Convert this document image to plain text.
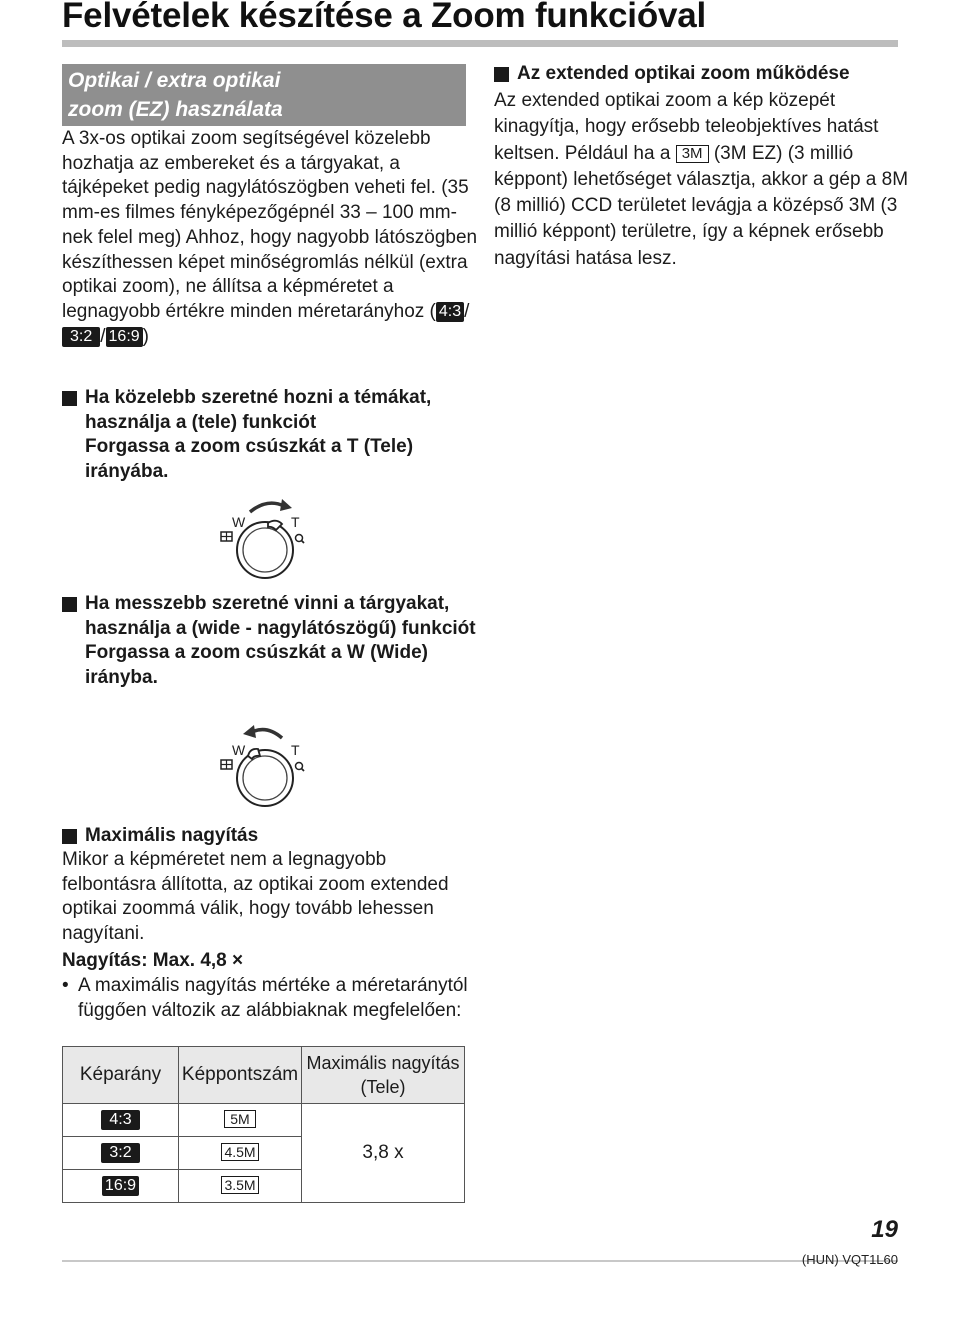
Felvételek készítése a Zoom funkcióval
Optikai / extra optikai
zoom (EZ) használata

A 3x-os optikai zoom segítségével közelebb hozhatja az embereket és a tárgyakat, a tájképeket pedig nagylátószögben veheti fel. (35 mm-es filmes fényképezőgépnél 33 – 100 mm-nek felel meg) Ahhoz, hogy nagyobb látószögben készíthessen képet minőségromlás nélkül (extra optikai zoom), ne állítsa a képméretet a legnagyobb értékre minden méretarányhoz ( 4:3 /3:2 / 16:9 )

Ha közelebb szeretné hozni a témákat, használja a (tele) funkciót
Forgassa a zoom csúszkát a T (Tele) irányába.
W	T
Ha messzebb szeretné vinni a tárgyakat, használja a (wide - nagylátószögű) funkciót
Forgassa a zoom csúszkát a W (Wide) irányba.
W	T
Maximális nagyítás

Mikor a képméretet nem a legnagyobb felbontásra állította, az optikai zoom extended optikai zoommá válik, hogy tovább lehessen nagyítani.

Nagyítás: Max. 4,8 ×

• A maximális nagyítás mértéke a méretaránytól függően változik az alábbiaknak megfelelően:

Képarány	Képpontszám	Maximális nagyítás (Tele)
4:3	5M	3,8 x
3:2	4.5M	
16:9	3.5M	
Az extended optikai zoom működése

Az extended optikai zoom a kép közepét kinagyítja, hogy erősebb teleobjektíves hatást keltsen. Például ha a 3M (3M EZ) (3 millió képpont) lehetőséget választja, akkor a gép a 8M (8 millió) CCD területet levágja a középső 3M (3 millió képpont) területre, így a képnek erősebb nagyítási hatása lesz.

19
(HUN) VQT1L60
